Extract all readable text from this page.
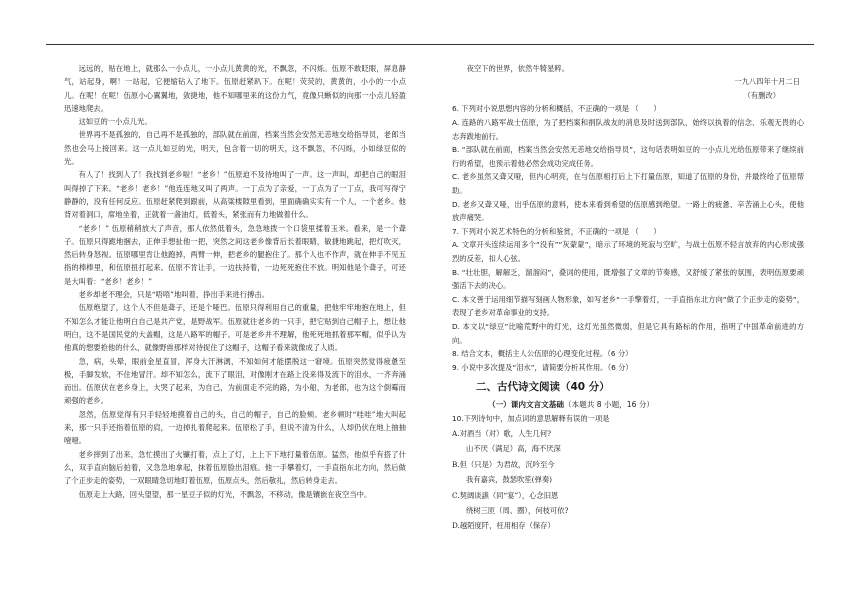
远远的，贴在地上，就那么一小点儿，一小点儿黄黄的光，不飘忽，不闪烁。伍原不敢眨眼，屏息静气，站起身，啊！一站起，它便缩钻入了地下。伍原赶紧趴下。在呢！荧荧的，黄黄的，小小的一小点儿。在呢！在呢！伍原小心翼翼地，敛捷地，他不知哪里来的这份力气，竟像只蜥似的向那一小点儿轻盈迅速地爬去。

这如豆的一小点儿光。

世界再不是孤独的，自己再不是孤独的，部队就在前面，档案当然会安然无恙地交给指导员，老郎当然也会马上接回来。这一点儿如豆的光，明天，包含着一切的明天，这不飘忽，不闪烁，小如绿豆似的光。

有人了！找到人了！我找到老乡啦！“老乡！”伍原迫不及待地叫了一声。这一声叫，却把自己的眼泪叫得掉了下来。“老乡！老乡！”他连连地又叫了两声。一丁点为了亲爱，一丁点为了一丁点，我可写得宁静静的，没有任何反应。伍原赶紧爬到跟前，从高粱楼隙里看到，里面确确实实有一个人，一个老乡。他背对着洞口，席地坐着，正就着一盏油灯，低着头，紧张而有力地做着什么。

“老乡！” 伍原稍稍放大了声音，那人依然低着头，急急地拨一个口袋里揉着玉米。看来，是一个聋子。伍原只得跪地捆去，正伸手想扯他一把，突然之间这老乡像背后长着眼睛，敏捷地跳起，把灯吹灭，然后转身怒视。伍原哪里肯让他跑掉，两臂一伸，把老乡的腿抱住了。那个人也不作声，就在伸手不见五指的棒棒里，和伍原扭打起来。伍原不肯让手，一边扶持着，一边死死抱住不放。明知他是个聋子，可还是大叫着：“老乡！老乡！”

老乡却老不理会，只是“唔唔”地叫着，挣出手来进行搏击。

伍原绝望了，这个人不但是聋子，还是个哑巴。伍原只得利用自己的重量，把他牢牢地抱在地上，但不知怎么才能让他明白自己是共产党，是野战军。伍原就往老乡的一只手，把它贴到自己帽子上，想让他明白，这不是国民党的大盖帽，这是八路军的帽子。可是老乡并不理解，他死死地抓着那军帽，似乎认为他真的想要抢他的什么，就像野兽那样对待捉住了这帽子，这帽子看来就像成了人质。

急，病，头晕，眼前金星直冒，浑身大汗淋漓，不知如何才能摆脱这一窘境。伍原突然觉得疲惫至极，手脚发软，不住地冒汗。却不知怎么，流下了眼泪，对像刚才在路上没来得及流下的泪水，一齐奔涌而出。伍原伏在老乡身上，大哭了起来，为自己，为前面走不完的路，为小船，为老郎，也为这个倒霉而顽强的老乡。

忽然，伍原觉得有只手轻轻地摸着自己的头，自己的帽子，自己的脸颊。老乡顿时“哇哇”地大叫起来，那一只手还指着伍原的肩，一边掉扎着爬起来。伍原松了手，但说不清为什么，人却仍伏在地上抽抽噎噎。

老乡摔到了出来，急忙摸出了火镰打着，点上了灯，上上下下地打量着伍原。猛然，他似乎有搭了什么，双手直向脑后拍着，又急急地拿起，抹着伍原脸出泪痕。他一手攀着灯，一手直指东北方向，然后做了个正步走的姿势，一双眼睛急切地盯着伍原，伍原点头，然后敬礼，然后转身走去。

伍原走上大路，回头望望，那一星豆子似的灯光，不飘忽，不移动，像是镶嵌在夜空当中。

夜空下的世界，依然牛犄星粹。

一九八四年十月二日

（有删改）

6. 下列对小说思想内容的分析和概括，不正确的一项是 （　　）

A. 连路的八路军战士伍原，为了把档案和捐队战友的消息及时送到部队，始终以执着的信念、乐观无畏的心志奔跋地前行。

B. “部队就在前面，档案当然会安然无恙地交给指导员”，这句话表明如豆的一小点儿光给伍原带来了继续前行的希望，也预示着他必然会成功完成任务。

C. 老乡虽然又聋又哑，但内心明亮，在与伍原相打后上下打量伍原，知道了伍原的身份，并最终给了伍原帮助。

D. 老乡又聋又哑，出乎伍原的意料，使本来看到希望的伍原感到绝望。一路上的疲惫、辛苦涌上心头，使他放声痛哭。

7. 下列对小说艺术特色的分析和鉴赏，不正确的一项是 （　　）

A. 文章开头连续运用多个“没有”“灰蒙蒙”，暗示了环境的死寂与空旷，与战士伍原不轻言放弃的内心形成强烈的反差，扣人心弦。

B. “壮壮胆，解解乏，溜溜闷”，叠词的使用，既增强了文章的节奏感，又舒缓了紧张的氛围，表明伍原要顽强活下去的决心。

C. 本文善于运用细节描写刻画人物形象，如写老乡“一手擎着灯，一手直指东北方向”做了个正步走的姿势”，表现了老乡对革命事业的支持。

D. 本文以“绿豆”比喻荒野中的灯光，这灯光虽然微弱，但是它具有路标的作用，指明了中国革命前进的方向。

8. 结合文本，概括主人公伍原的心理变化过程。（6 分）

9. 小说中多次提及“泪水”，请简要分析其作用。（6 分）

二、古代诗文阅读（40 分）
（一）课内文言文基础（本题共 8 小题，16 分）

10.下列诗句中，加点词的意思解释有误的一项是

A.对酒当（对）歌，人生几何?

山不厌（满足）高，海不厌深

B.但（只是）为君故，沉吟至今

我有嘉宾，鼓瑟吹笙(弹奏)

C.契阔谈讌（同“宴”），心念旧恩

绕树三匝（周、圈），何枝可依?

D.越陌度阡，枉用相存（保存）
